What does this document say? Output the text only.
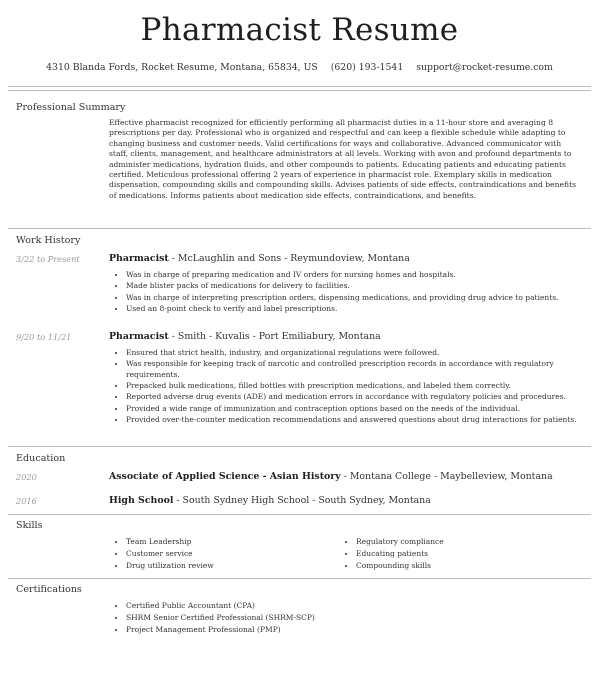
Pharmacist Resume
4310 Blanda Fords, Rocket Resume, Montana, 65834, US (620) 193-1541 support@rocket-resume.com
Professional Summary
Effective pharmacist recognized for efficiently performing all pharmacist duties in a 11-hour store and averaging 8 prescriptions per day. Professional who is organized and respectful and can keep a flexible schedule while adapting to changing business and customer needs. Valid certifications for ways and collaborative. Advanced communicator with staff, clients, management, and healthcare administrators at all levels. Working with avon and profound departments to administer medications, hydration fluids, and other compounds to patients. Educating patients and educating patients certified. Meticulous professional offering 2 years of experience in pharmacist role. Exemplary skills in medication dispensation, compounding skills and compounding skills. Advises patients of side effects, contraindications and benefits of medications. Informs patients about medication side effects, contraindications, and benefits.
Work History
3/22 to Present	Pharmacist - McLaughlin and Sons - Reymundoview, Montana
• Was in charge of preparing medication and IV orders for nursing homes and hospitals.
• Made blister packs of medications for delivery to facilities.
• Was in charge of interpreting prescription orders, dispensing medications, and providing drug advice to patients.
• Used an 8-point check to verify and label prescriptions.
9/20 to 11/21	Pharmacist - Smith - Kuvalis - Port Emiliabury, Montana
• Ensured that strict health, industry, and organizational regulations were followed.
• Was responsible for keeping track of narcotic and controlled prescription records in accordance with regulatory requirements.
• Prepacked bulk medications, filled bottles with prescription medications, and labeled them correctly.
• Reported adverse drug events (ADE) and medication errors in accordance with regulatory policies and procedures.
• Provided a wide range of immunization and contraception options based on the needs of the individual.
• Provided over-the-counter medication recommendations and answered questions about drug interactions for patients.
Education
2020	Associate of Applied Science - Asian History - Montana College - Maybelleview, Montana
2016	High School - South Sydney High School - South Sydney, Montana
Skills
• Team Leadership
• Customer service
• Drug utilization review
• Regulatory compliance
• Educating patients
• Compounding skills
Certifications
• Certified Public Accountant (CPA)
• SHRM Senior Certified Professional (SHRM-SCP)
• Project Management Professional (PMP)
